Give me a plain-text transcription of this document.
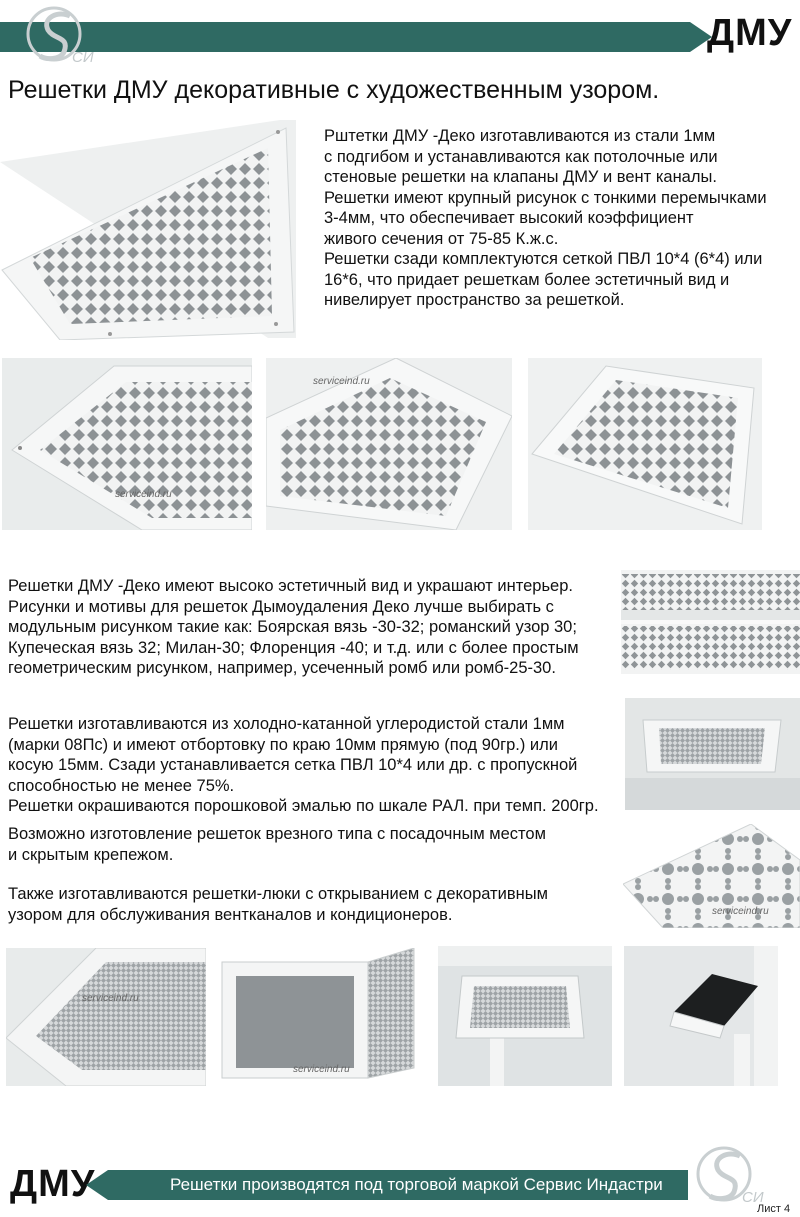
СИ
ДМУ
Решетки ДМУ декоративные с художественным узором.
Рштетки ДМУ -Деко изготавливаются из стали 1мм
с подгибом и устанавливаются как потолочные или
стеновые решетки на клапаны ДМУ и вент каналы.
Решетки имеют крупный рисунок с тонкими перемычками
3-4мм, что обеспечивает высокий коэффициент
живого сечения от 75-85 К.ж.с.
Решетки сзади комплектуются сеткой ПВЛ 10*4 (6*4) или
16*6, что придает решеткам более эстетичный вид и
нивелирует пространство за решеткой.
serviceind.ru
serviceind.ru
Решетки ДМУ -Деко имеют высоко эстетичный вид и украшают интерьер.
Рисунки и мотивы для решеток Дымоудаления Деко лучше выбирать с
модульным рисунком такие как: Боярская вязь -30-32; романский узор 30;
Купеческая вязь 32; Милан-30; Флоренция -40; и т.д. или с более простым
геометрическим рисунком, например, усеченный ромб или ромб-25-30.
Решетки изготавливаются из холодно-катанной углеродистой стали 1мм
(марки 08Пс) и имеют отбортовку по краю 10мм прямую (под 90гр.) или
косую 15мм. Сзади устанавливается сетка ПВЛ 10*4 или др. с пропускной
способностью не менее 75%.
Решетки окрашиваются порошковой эмалью по шкале РАЛ. при темп. 200гр.
Возможно изготовление решеток врезного типа с посадочным местом
и скрытым крепежом.
serviceind.ru
Также изготавливаются решетки-люки с открыванием с декоративным
узором для обслуживания вентканалов и кондиционеров.
serviceind.ru
serviceind.ru
ДМУ	Решетки производятся под торговой маркой Сервис Индастри
СИ
Лист 4
